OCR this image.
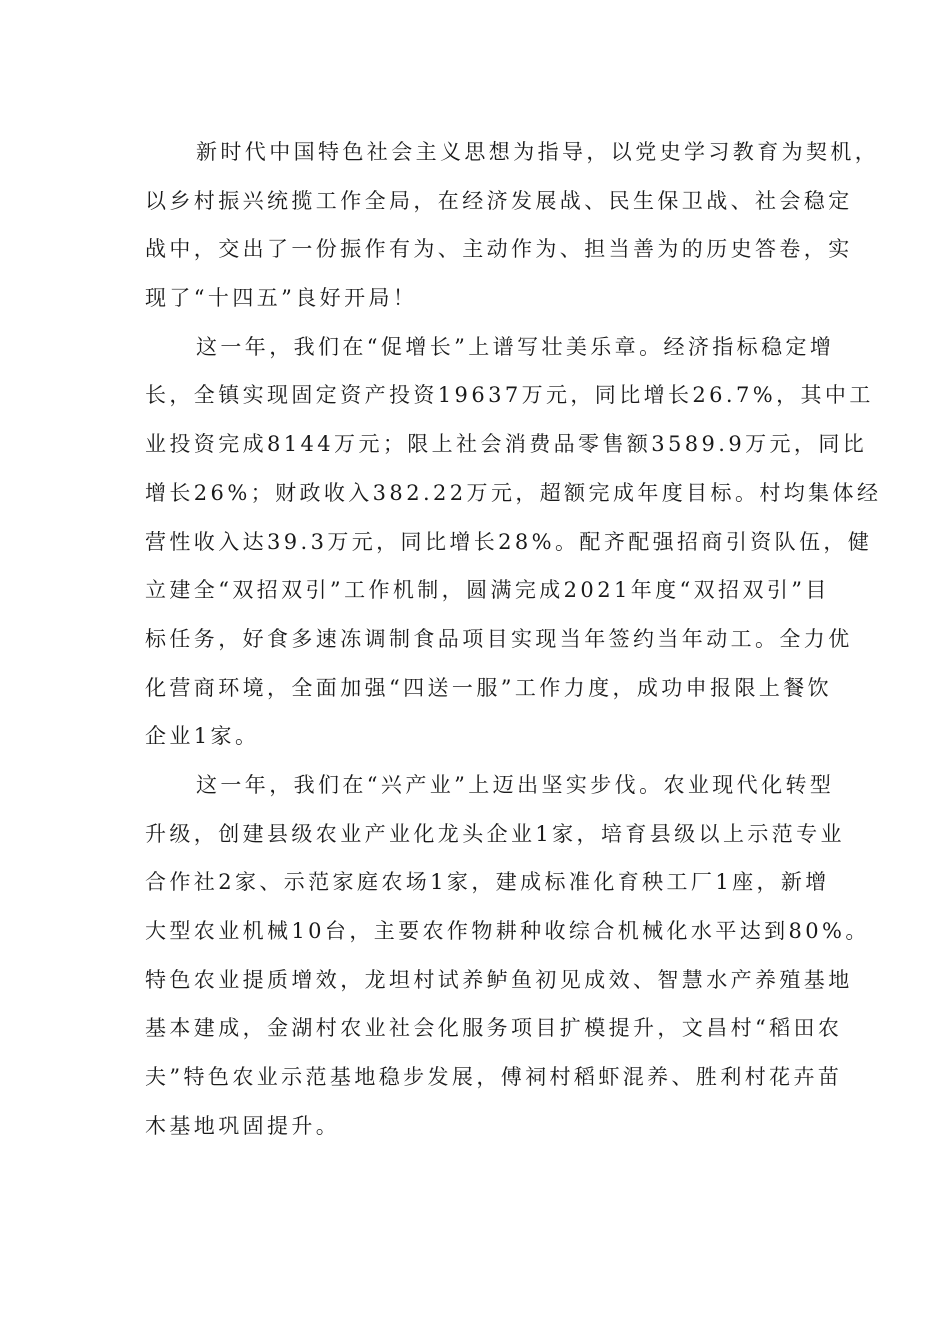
新时代中国特色社会主义思想为指导，以党史学习教育为契机，
以乡村振兴统揽工作全局，在经济发展战、民生保卫战、社会稳定
战中，交出了一份振作有为、主动作为、担当善为的历史答卷，实
现了“十四五”良好开局！
这一年，我们在“促增长”上谱写壮美乐章。经济指标稳定增
长，全镇实现固定资产投资19637万元，同比增长26.7%，其中工
业投资完成8144万元；限上社会消费品零售额3589.9万元，同比
增长26%；财政收入382.22万元，超额完成年度目标。村均集体经
营性收入达39.3万元，同比增长28%。配齐配强招商引资队伍，健
立建全“双招双引”工作机制，圆满完成2021年度“双招双引”目
标任务，好食多速冻调制食品项目实现当年签约当年动工。全力优
化营商环境，全面加强“四送一服”工作力度，成功申报限上餐饮
企业1家。
这一年，我们在“兴产业”上迈出坚实步伐。农业现代化转型
升级，创建县级农业产业化龙头企业1家，培育县级以上示范专业
合作社2家、示范家庭农场1家，建成标准化育秧工厂1座，新增
大型农业机械10台，主要农作物耕种收综合机械化水平达到80%。
特色农业提质增效，龙坦村试养鲈鱼初见成效、智慧水产养殖基地
基本建成，金湖村农业社会化服务项目扩模提升，文昌村“稻田农
夫”特色农业示范基地稳步发展，傅祠村稻虾混养、胜利村花卉苗
木基地巩固提升。
